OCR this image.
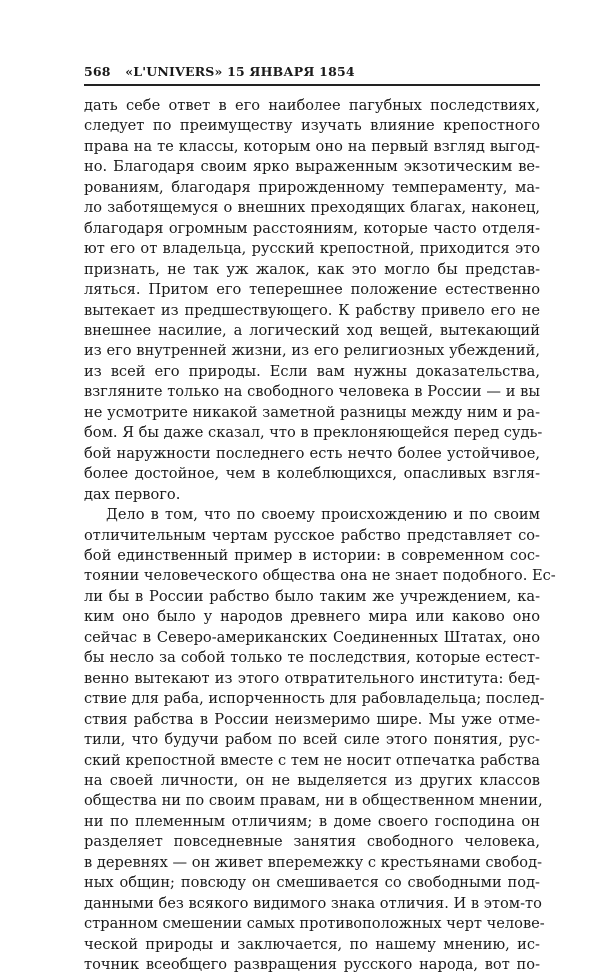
568 «L'UNIVERS» 15 ЯНВАРЯ 1854
дать себе ответ в его наиболее пагубных последствиях,
следует по преимуществу изучать влияние крепостного
права на те классы, которым оно на первый взгляд выгод-
но. Благодаря своим ярко выраженным экзотическим ве-
рованиям, благодаря прирожденному темпераменту, ма-
ло заботящемуся о внешних преходящих благах, наконец,
благодаря огромным расстояниям, которые часто отделя-
ют его от владельца, русский крепостной, приходится это
признать, не так уж жалок, как это могло бы представ-
ляться. Притом его теперешнее положение естественно
вытекает из предшествующего. К рабству привело его не
внешнее насилие, а логический ход вещей, вытекающий
из его внутренней жизни, из его религиозных убеждений,
из всей его природы. Если вам нужны доказательства,
взгляните только на свободного человека в России — и вы
не усмотрите никакой заметной разницы между ним и ра-
бом. Я бы даже сказал, что в преклоняющейся перед судь-
бой наружности последнего есть нечто более устойчивое,
более достойное, чем в колеблющихся, опасливых взгля-
дах первого.
Дело в том, что по своему происхождению и по своим
отличительным чертам русское рабство представляет со-
бой единственный пример в истории: в современном сос-
тоянии человеческого общества она не знает подобного. Ес-
ли бы в России рабство было таким же учреждением, ка-
ким оно было у народов древнего мира или каково оно
сейчас в Северо-американских Соединенных Штатах, оно
бы несло за собой только те последствия, которые естест-
венно вытекают из этого отвратительного института: бед-
ствие для раба, испорченность для рабовладельца; послед-
ствия рабства в России неизмеримо шире. Мы уже отме-
тили, что будучи рабом по всей силе этого понятия, рус-
ский крепостной вместе с тем не носит отпечатка рабства
на своей личности, он не выделяется из других классов
общества ни по своим правам, ни в общественном мнении,
ни по племенным отличиям; в доме своего господина он
разделяет повседневные занятия свободного человека,
в деревнях — он живет вперемежку с крестьянами свобод-
ных общин; повсюду он смешивается со свободными под-
данными без всякого видимого знака отличия. И в этом-то
странном смешении самых противоположных черт челове-
ческой природы и заключается, по нашему мнению, ис-
точник всеобщего развращения русского народа, вот по-
